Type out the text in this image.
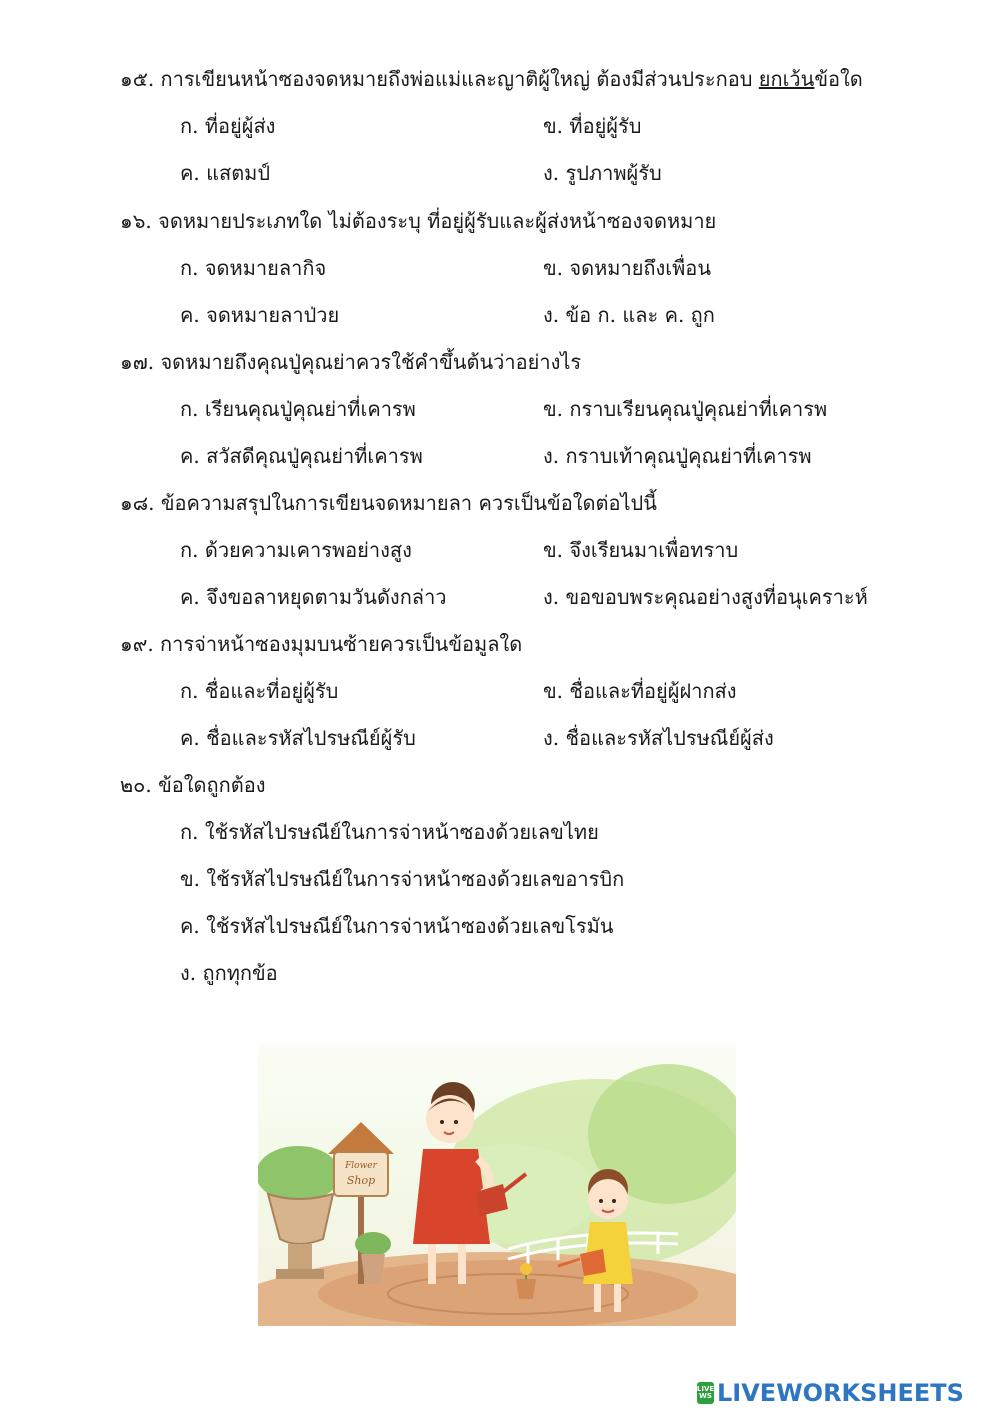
๑๕. การเขียนหน้าซองจดหมายถึงพ่อแม่และญาติผู้ใหญ่ ต้องมีส่วนประกอบ ยกเว้นข้อใด
ก. ที่อยู่ผู้ส่ง	ข. ที่อยู่ผู้รับ
ค. แสตมป์	ง. รูปภาพผู้รับ
๑๖. จดหมายประเภทใด ไม่ต้องระบุ ที่อยู่ผู้รับและผู้ส่งหน้าซองจดหมาย
ก. จดหมายลากิจ	ข. จดหมายถึงเพื่อน
ค. จดหมายลาป่วย	ง. ข้อ ก. และ ค. ถูก
๑๗. จดหมายถึงคุณปู่คุณย่าควรใช้คำขึ้นต้นว่าอย่างไร
ก. เรียนคุณปู่คุณย่าที่เคารพ	ข. กราบเรียนคุณปู่คุณย่าที่เคารพ
ค. สวัสดีคุณปู่คุณย่าที่เคารพ	ง. กราบเท้าคุณปู่คุณย่าที่เคารพ
๑๘. ข้อความสรุปในการเขียนจดหมายลา ควรเป็นข้อใดต่อไปนี้
ก. ด้วยความเคารพอย่างสูง	ข. จึงเรียนมาเพื่อทราบ
ค. จึงขอลาหยุดตามวันดังกล่าว	ง. ขอขอบพระคุณอย่างสูงที่อนุเคราะห์
๑๙. การจ่าหน้าซองมุมบนซ้ายควรเป็นข้อมูลใด
ก. ชื่อและที่อยู่ผู้รับ	ข. ชื่อและที่อยู่ผู้ฝากส่ง
ค. ชื่อและรหัสไปรษณีย์ผู้รับ	ง. ชื่อและรหัสไปรษณีย์ผู้ส่ง
๒๐. ข้อใดถูกต้อง
ก. ใช้รหัสไปรษณีย์ในการจ่าหน้าซองด้วยเลขไทย
ข. ใช้รหัสไปรษณีย์ในการจ่าหน้าซองด้วยเลขอารบิก
ค. ใช้รหัสไปรษณีย์ในการจ่าหน้าซองด้วยเลขโรมัน
ง. ถูกทุกข้อ
Flower
Shop
LIVE
WS LIVEWORKSHEETS
